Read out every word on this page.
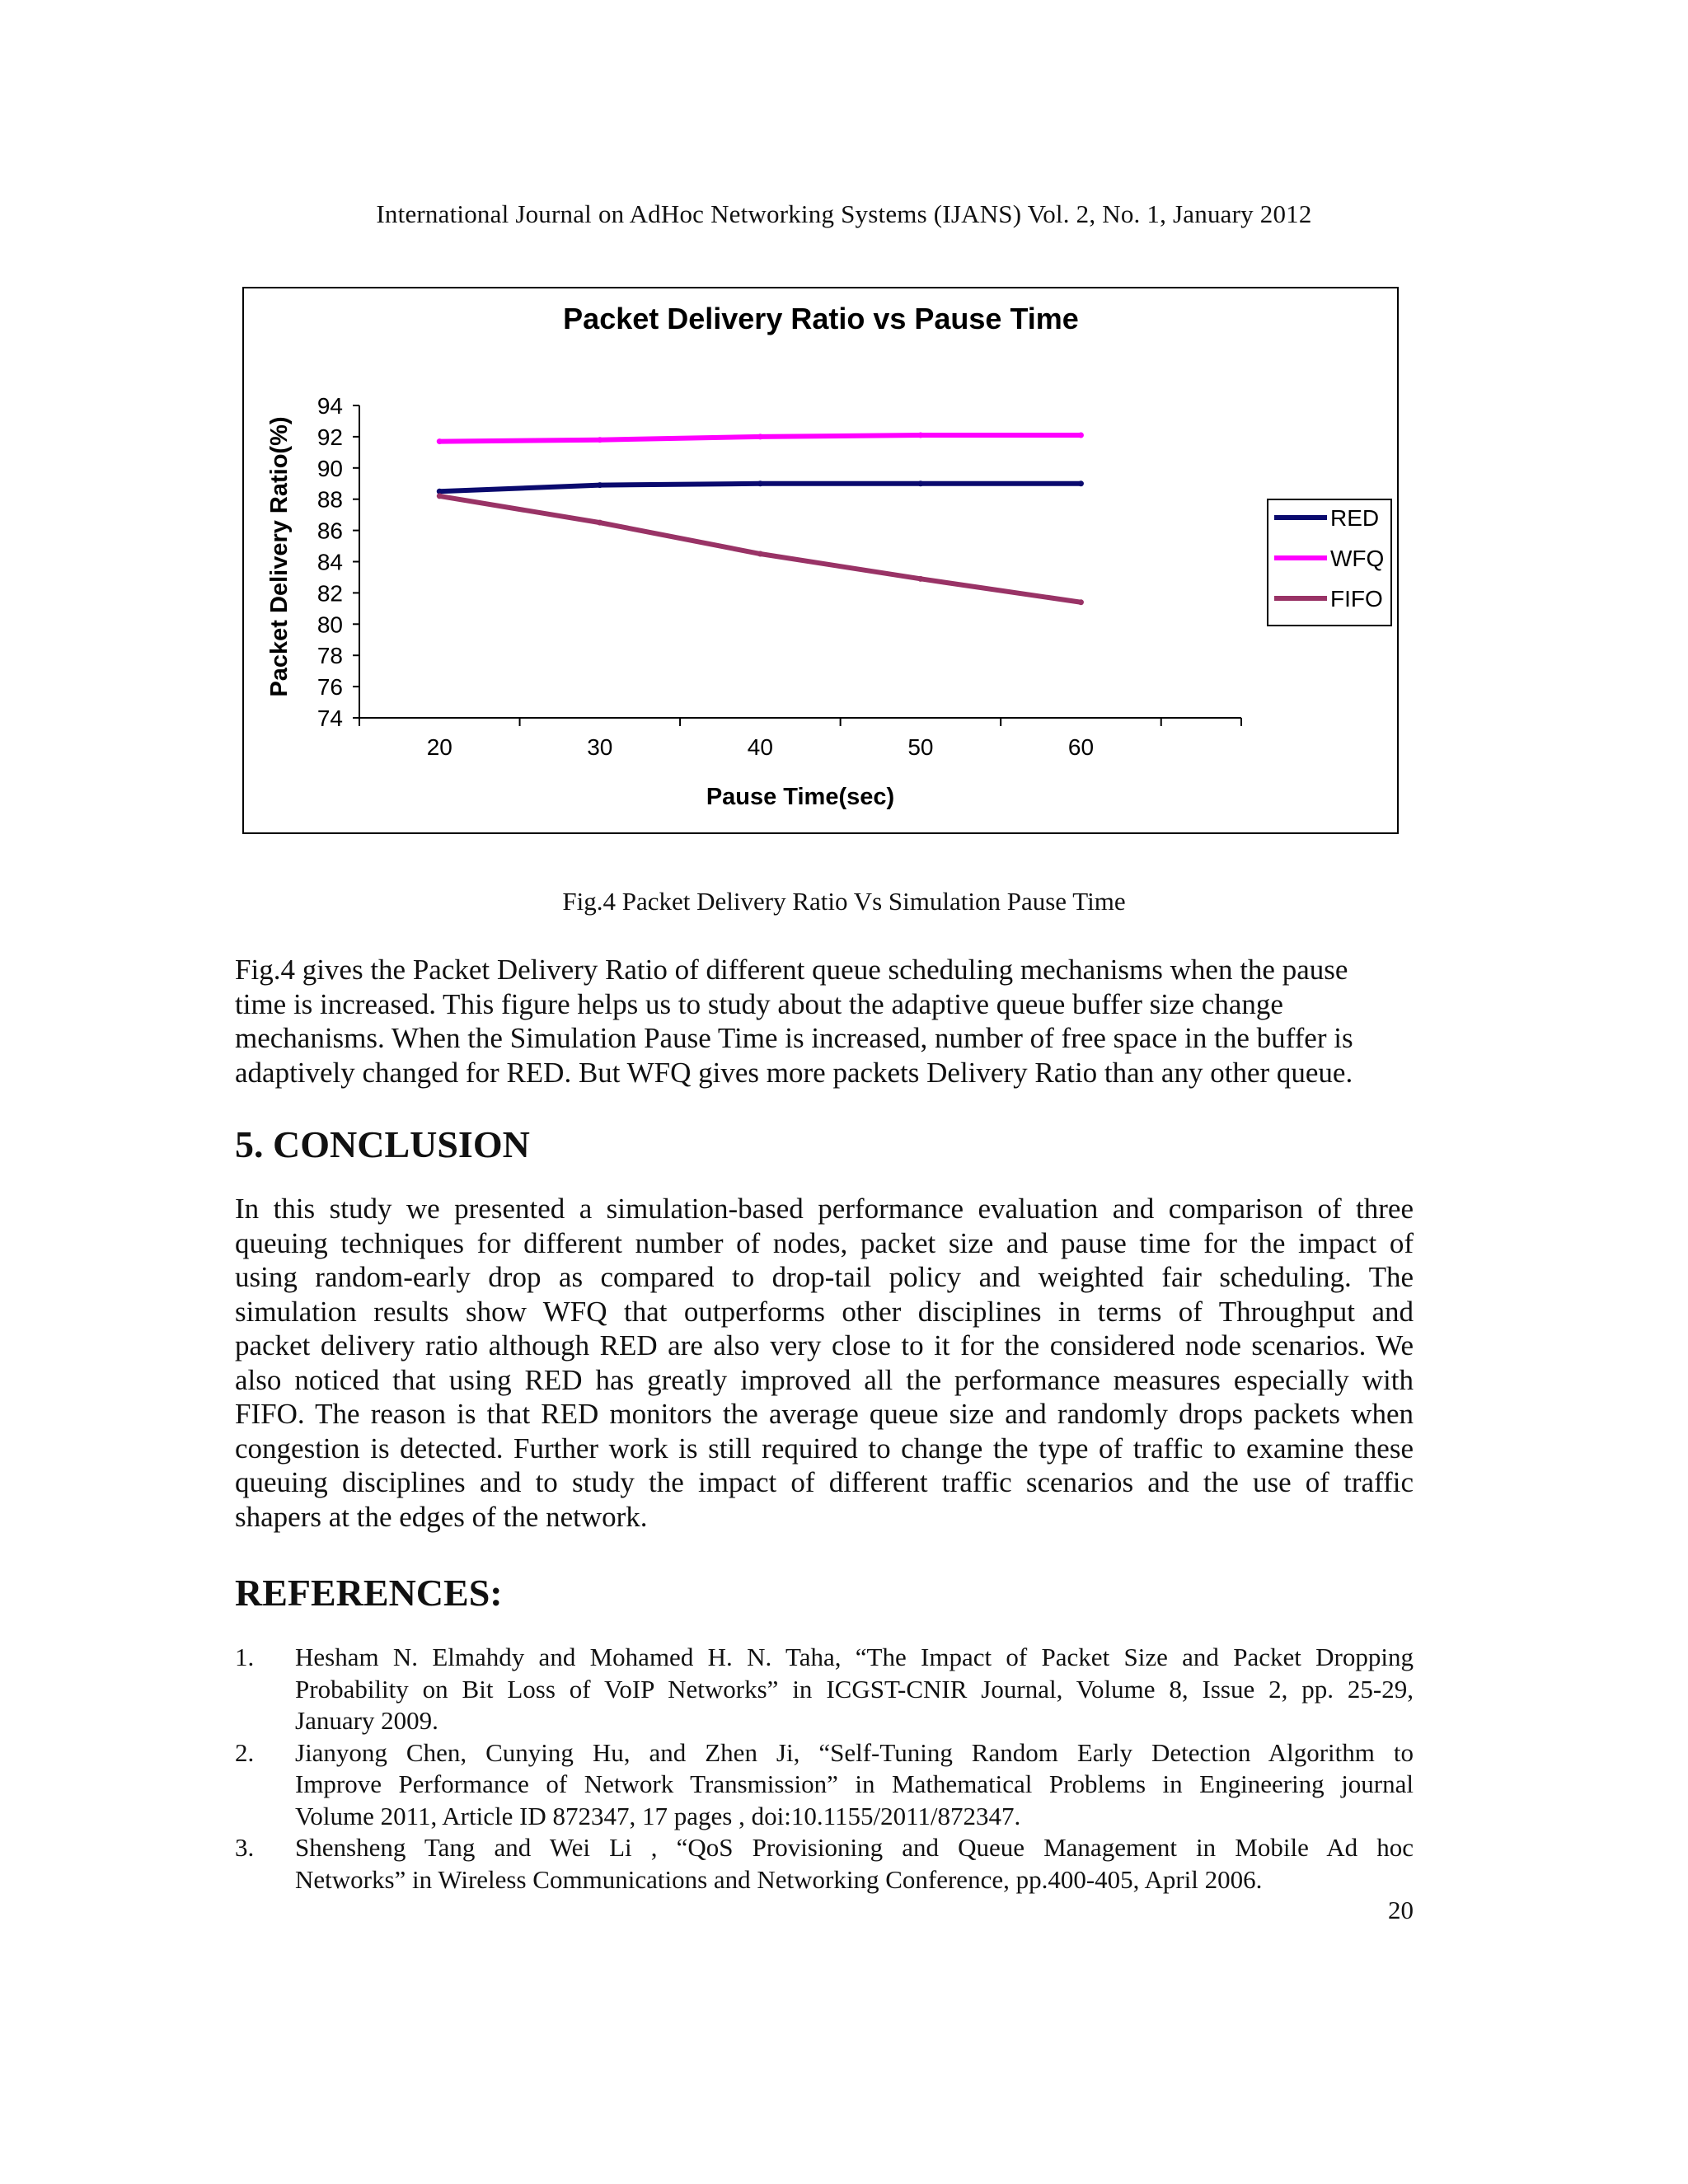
International Journal on AdHoc Networking Systems (IJANS) Vol. 2, No. 1, January 2012
Packet Delivery Ratio vs Pause Time
74
76
78
80
82
84
86
88
90
92
94
20	30	40	50	60
Pause Time(sec)
Packet Delivery Ratio(%)	RED
WFQ
FIFO
Fig.4 Packet Delivery Ratio Vs Simulation Pause Time
Fig.4 gives the Packet Delivery Ratio of different queue scheduling mechanisms when the pause
time is increased. This figure helps us to study about the adaptive queue buffer size change
mechanisms. When the Simulation Pause Time is increased, number of free space in the buffer is
adaptively changed for RED. But WFQ gives more packets Delivery Ratio than any other queue.
5. CONCLUSION
In this study we presented a simulation-based performance evaluation and comparison of three
queuing techniques for different number of nodes, packet size and pause time for the impact of
using random-early drop as compared to drop-tail policy and weighted fair scheduling. The
simulation results show WFQ that outperforms other disciplines in terms of Throughput and
packet delivery ratio although RED are also very close to it for the considered node scenarios. We
also noticed that using RED has greatly improved all the performance measures especially with
FIFO. The reason is that RED monitors the average queue size and randomly drops packets when
congestion is detected. Further work is still required to change the type of traffic to examine these
queuing disciplines and to study the impact of different traffic scenarios and the use of traffic
shapers at the edges of the network.
REFERENCES:
1. Hesham N. Elmahdy and Mohamed H. N. Taha, “The Impact of Packet Size and Packet Dropping
Probability on Bit Loss of VoIP Networks” in ICGST-CNIR Journal, Volume 8, Issue 2, pp. 25-29,
January 2009.
2. Jianyong Chen, Cunying Hu, and Zhen Ji, “Self-Tuning Random Early Detection Algorithm to
Improve Performance of Network Transmission” in Mathematical Problems in Engineering journal
Volume 2011, Article ID 872347, 17 pages , doi:10.1155/2011/872347.
3. Shensheng Tang and Wei Li , “QoS Provisioning and Queue Management in Mobile Ad hoc
Networks” in Wireless Communications and Networking Conference, pp.400-405, April 2006.
20
